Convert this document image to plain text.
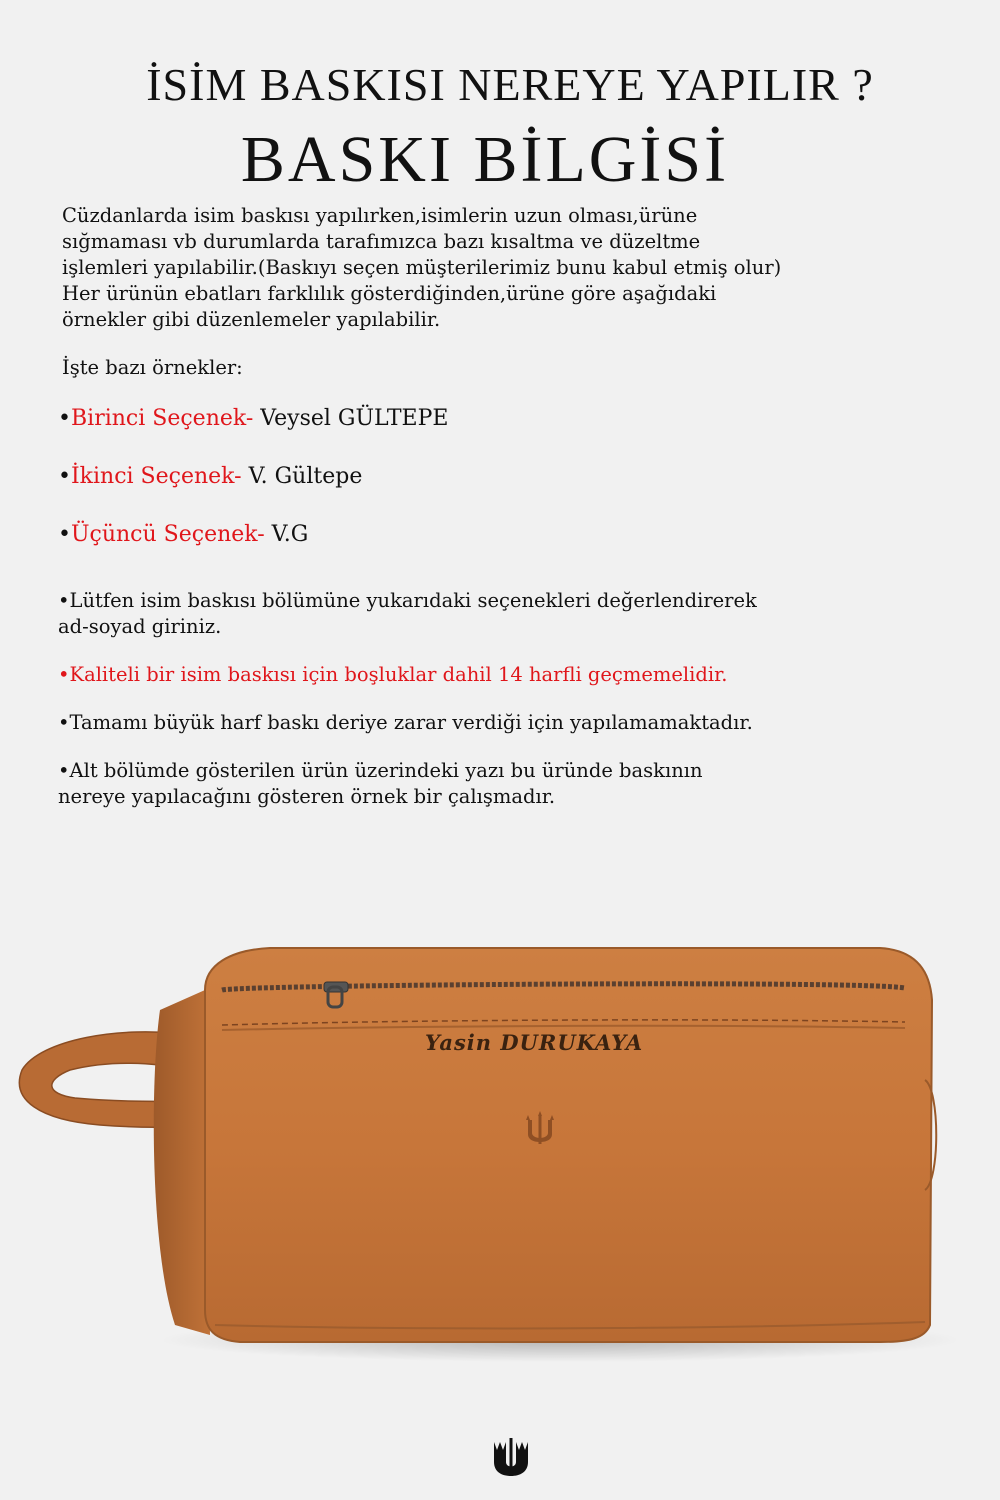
İSİM BASKISI NEREYE YAPILIR ?
BASKI BİLGİSİ
Cüzdanlarda isim baskısı yapılırken,isimlerin uzun olması,ürüne
sığmaması vb durumlarda tarafımızca bazı kısaltma ve düzeltme
işlemleri yapılabilir.(Baskıyı seçen müşterilerimiz bunu kabul etmiş olur)
Her ürünün ebatları farklılık gösterdiğinden,ürüne göre aşağıdaki
örnekler gibi düzenlemeler yapılabilir.
İşte bazı örnekler:
•Birinci Seçenek- Veysel GÜLTEPE
•İkinci Seçenek- V. Gültepe
•Üçüncü Seçenek- V.G
•Lütfen isim baskısı bölümüne yukarıdaki seçenekleri değerlendirerek
ad-soyad giriniz.
•Kaliteli bir isim baskısı için boşluklar dahil 14 harfli geçmemelidir.
•Tamamı büyük harf baskı deriye zarar verdiği için yapılamamaktadır.
•Alt bölümde gösterilen ürün üzerindeki yazı bu üründe baskının
nereye yapılacağını gösteren örnek bir çalışmadır.
Yasin DURUKAYA
